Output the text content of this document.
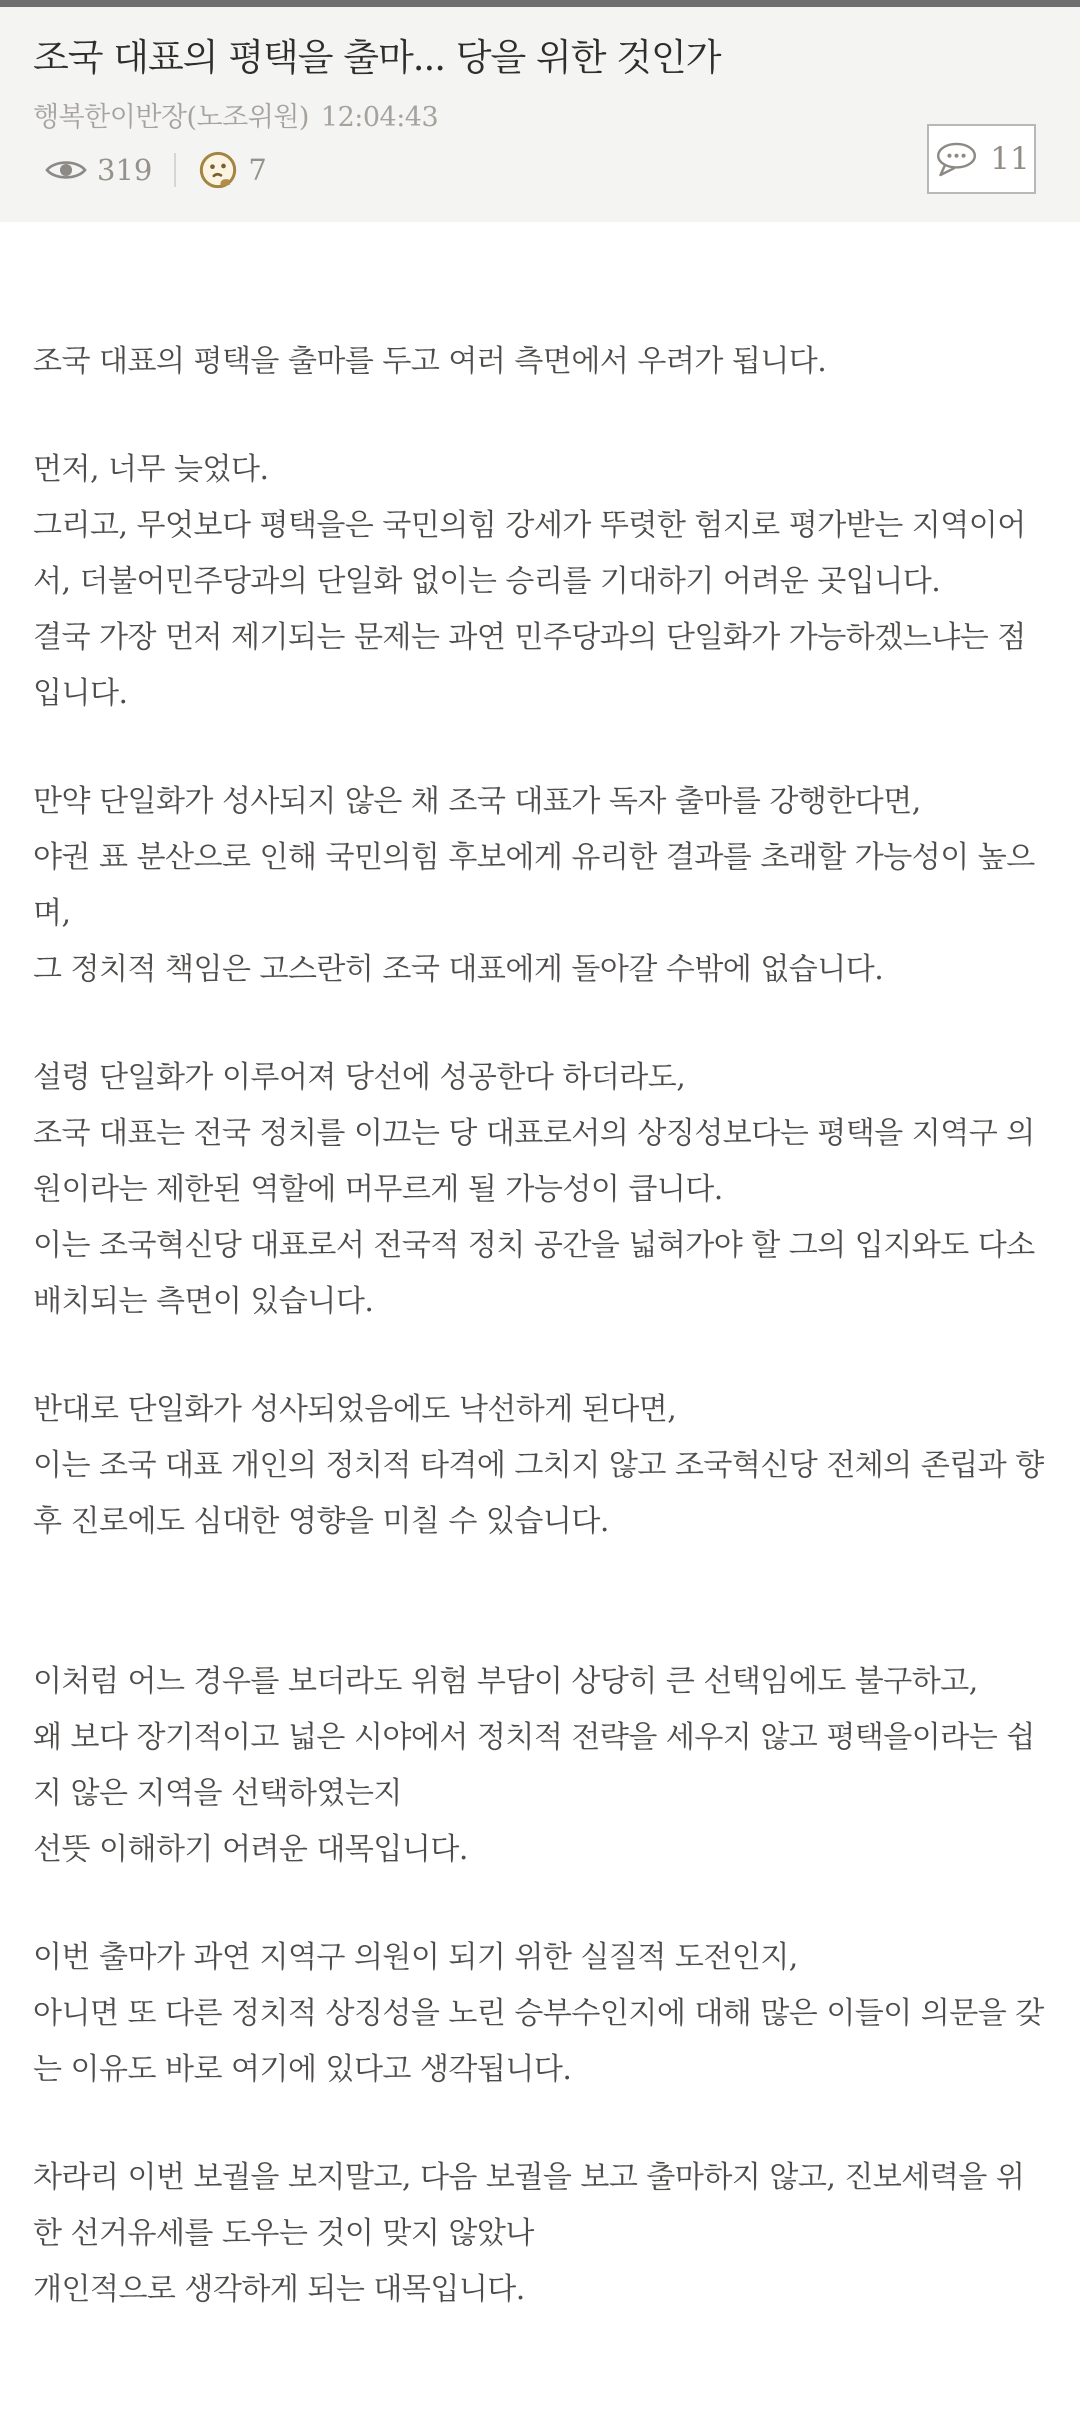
조국 대표의 평택을 출마... 당을 위한 것인가
행복한이반장(노조위원) 12:04:43
319	7	11
조국 대표의 평택을 출마를 두고 여러 측면에서 우려가 됩니다.
먼저, 너무 늦었다.
그리고, 무엇보다 평택을은 국민의힘 강세가 뚜렷한 험지로 평가받는 지역이어서, 더불어민주당과의 단일화 없이는 승리를 기대하기 어려운 곳입니다.
결국 가장 먼저 제기되는 문제는 과연 민주당과의 단일화가 가능하겠느냐는 점입니다.
만약 단일화가 성사되지 않은 채 조국 대표가 독자 출마를 강행한다면,
야권 표 분산으로 인해 국민의힘 후보에게 유리한 결과를 초래할 가능성이 높으며,
그 정치적 책임은 고스란히 조국 대표에게 돌아갈 수밖에 없습니다.
설령 단일화가 이루어져 당선에 성공한다 하더라도,
조국 대표는 전국 정치를 이끄는 당 대표로서의 상징성보다는 평택을 지역구 의원이라는 제한된 역할에 머무르게 될 가능성이 큽니다.
이는 조국혁신당 대표로서 전국적 정치 공간을 넓혀가야 할 그의 입지와도 다소 배치되는 측면이 있습니다.
반대로 단일화가 성사되었음에도 낙선하게 된다면,
이는 조국 대표 개인의 정치적 타격에 그치지 않고 조국혁신당 전체의 존립과 향후 진로에도 심대한 영향을 미칠 수 있습니다.
이처럼 어느 경우를 보더라도 위험 부담이 상당히 큰 선택임에도 불구하고,
왜 보다 장기적이고 넓은 시야에서 정치적 전략을 세우지 않고 평택을이라는 쉽지 않은 지역을 선택하였는지
선뜻 이해하기 어려운 대목입니다.
이번 출마가 과연 지역구 의원이 되기 위한 실질적 도전인지,
아니면 또 다른 정치적 상징성을 노린 승부수인지에 대해 많은 이들이 의문을 갖는 이유도 바로 여기에 있다고 생각됩니다.
차라리 이번 보궐을 보지말고, 다음 보궐을 보고 출마하지 않고, 진보세력을 위한 선거유세를 도우는 것이 맞지 않았나
개인적으로 생각하게 되는 대목입니다.
